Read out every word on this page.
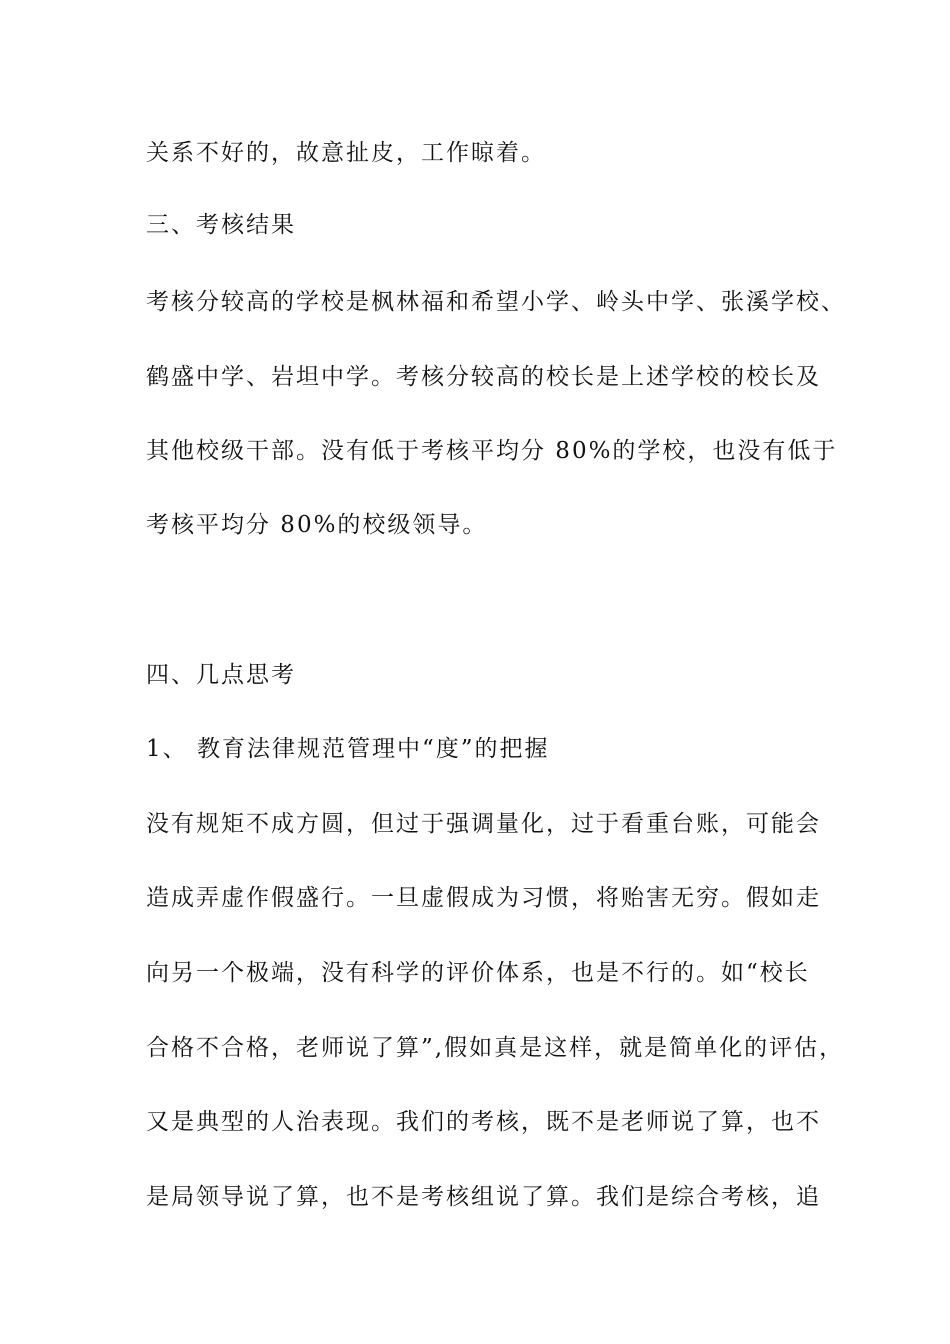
关系不好的，故意扯皮，工作晾着。
三、考核结果
考核分较高的学校是枫林福和希望小学、岭头中学、张溪学校、
鹤盛中学、岩坦中学。考核分较高的校长是上述学校的校长及
其他校级干部。没有低于考核平均分 80%的学校，也没有低于
考核平均分 80%的校级领导。
四、几点思考
1、 教育法律规范管理中“度”的把握
没有规矩不成方圆，但过于强调量化，过于看重台账，可能会
造成弄虚作假盛行。一旦虚假成为习惯，将贻害无穷。假如走
向另一个极端，没有科学的评价体系，也是不行的。如“校长
合格不合格，老师说了算”,假如真是这样，就是简单化的评估，
又是典型的人治表现。我们的考核，既不是老师说了算，也不
是局领导说了算，也不是考核组说了算。我们是综合考核，追
